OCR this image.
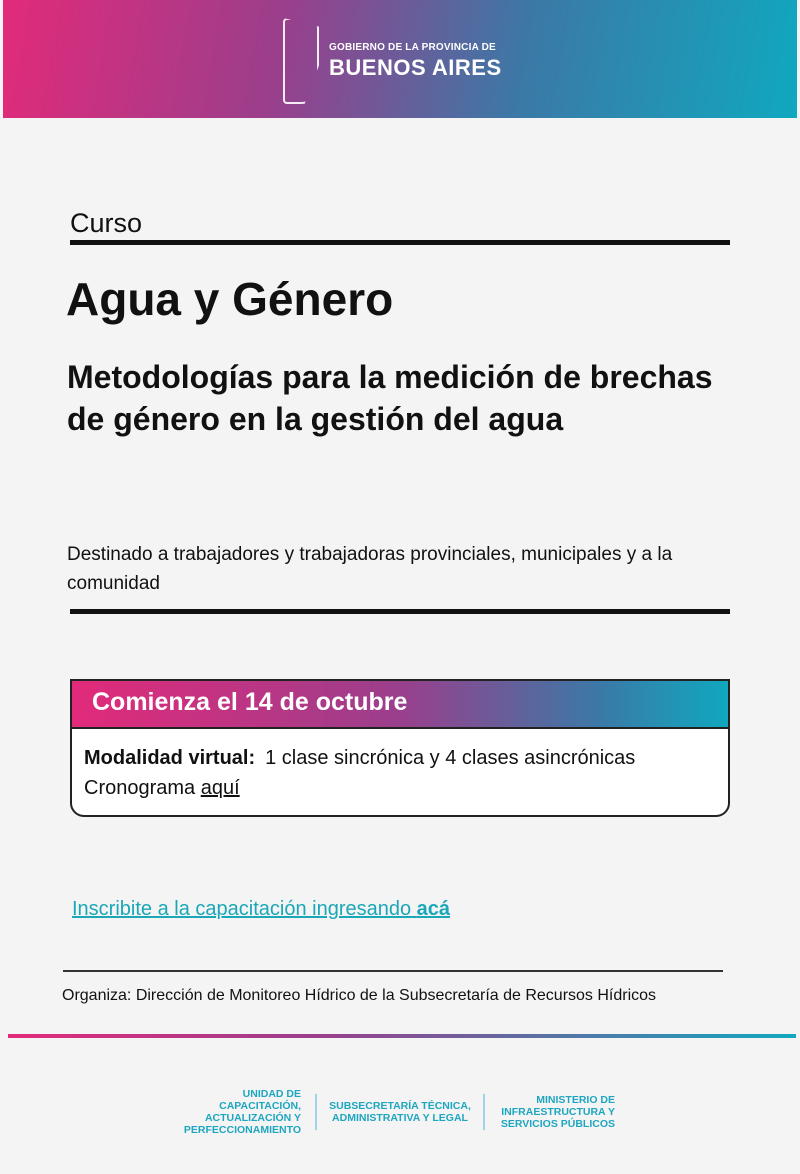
GOBIERNO DE LA PROVINCIA DE
BUENOS AIRES
Curso
Agua y Género
Metodologías para la medición de brechas de género en la gestión del agua
Destinado a trabajadores y trabajadoras provinciales, municipales y a la comunidad
Comienza el 14 de octubre
Modalidad virtual: 1 clase sincrónica y 4 clases asincrónicas
Cronograma aquí
Inscribite a la capacitación ingresando acá
Organiza: Dirección de Monitoreo Hídrico de la Subsecretaría de Recursos Hídricos
UNIDAD DE CAPACITACIÓN, ACTUALIZACIÓN Y PERFECCIONAMIENTO
SUBSECRETARÍA TÉCNICA, ADMINISTRATIVA Y LEGAL
MINISTERIO DE INFRAESTRUCTURA Y SERVICIOS PÚBLICOS
